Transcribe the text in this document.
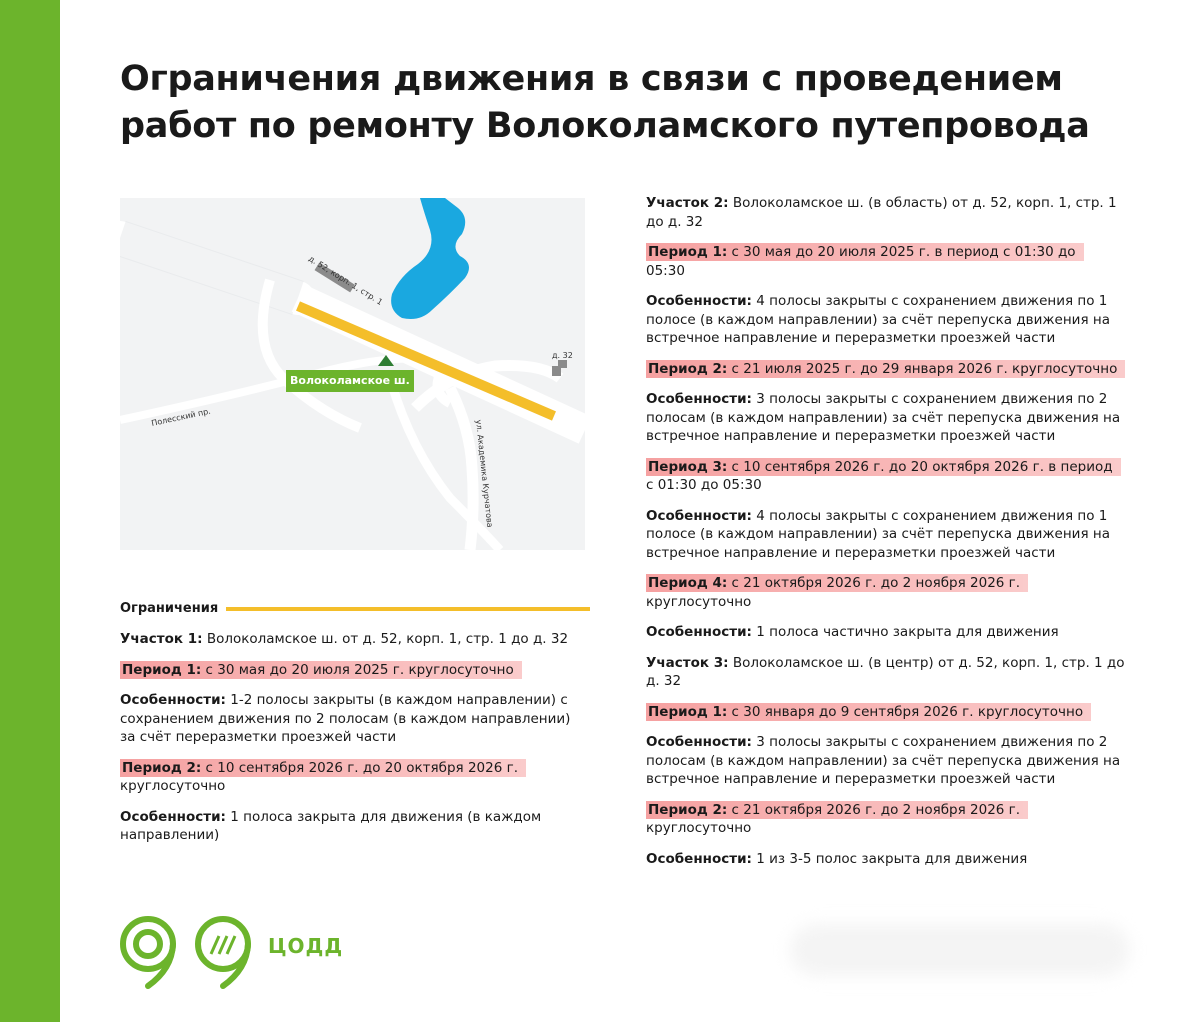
Ограничения движения в связи с проведением работ по ремонту Волоколамского путепровода
д. 52, корп. 1, стр. 1
д. 32
Полесский пр.
ул. Академика Курчатова
Волоколамское ш.
Ограничения

Участок 1: Волоколамское ш. от д. 52, корп. 1, стр. 1 до д. 32

Период 1: с 30 мая до 20 июля 2025 г. круглосуточно

Особенности: 1-2 полосы закрыты (в каждом направлении) с сохранением движения по 2 полосам (в каждом направлении) за счёт переразметки проезжей части

Период 2: с 10 сентября 2026 г. до 20 октября 2026 г.
круглосуточно

Особенности: 1 полоса закрыта для движения (в каждом направлении)

Участок 2: Волоколамское ш. (в область) от д. 52, корп. 1, стр. 1 до д. 32

Период 1: с 30 мая до 20 июля 2025 г. в период с 01:30 до
05:30

Особенности: 4 полосы закрыты с сохранением движения по 1 полосе (в каждом направлении) за счёт перепуска движения на встречное направление и переразметки проезжей части

Период 2: с 21 июля 2025 г. до 29 января 2026 г. круглосуточно

Особенности: 3 полосы закрыты с сохранением движения по 2 полосам (в каждом направлении) за счёт перепуска движения на встречное направление и переразметки проезжей части

Период 3: с 10 сентября 2026 г. до 20 октября 2026 г. в период
с 01:30 до 05:30

Особенности: 4 полосы закрыты с сохранением движения по 1 полосе (в каждом направлении) за счёт перепуска движения на встречное направление и переразметки проезжей части

Период 4: с 21 октября 2026 г. до 2 ноября 2026 г.
круглосуточно

Особенности: 1 полоса частично закрыта для движения

Участок 3: Волоколамское ш. (в центр) от д. 52, корп. 1, стр. 1 до д. 32

Период 1: с 30 января до 9 сентября 2026 г. круглосуточно

Особенности: 3 полосы закрыты с сохранением движения по 2 полосам (в каждом направлении) за счёт перепуска движения на встречное направление и переразметки проезжей части

Период 2: с 21 октября 2026 г. до 2 ноября 2026 г.
круглосуточно

Особенности: 1 из 3-5 полос закрыта для движения

ЦОДД
